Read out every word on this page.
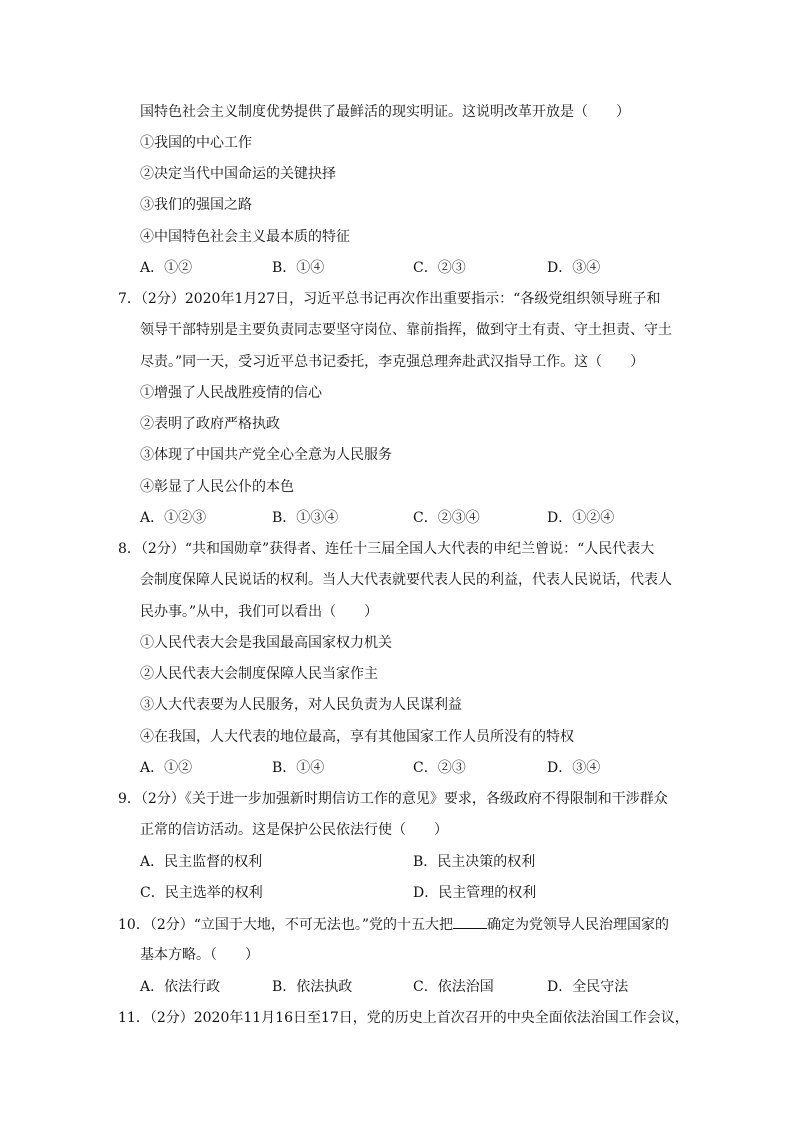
国特色社会主义制度优势提供了最鲜活的现实明证。这说明改革开放是（　　）
①我国的中心工作
②决定当代中国命运的关键抉择
③我们的强国之路
④中国特色社会主义最本质的特征
A．①②	B．①④	C．②③	D．③④
7．（2分）2020年1月27日，习近平总书记再次作出重要指示：“各级党组织领导班子和
领导干部特别是主要负责同志要坚守岗位、靠前指挥，做到守土有责、守土担责、守土
尽责。”同一天，受习近平总书记委托，李克强总理奔赴武汉指导工作。这（　　）
①增强了人民战胜疫情的信心
②表明了政府严格执政
③体现了中国共产党全心全意为人民服务
④彰显了人民公仆的本色
A．①②③	B．①③④	C．②③④	D．①②④
8．（2分）“共和国勋章”获得者、连任十三届全国人大代表的申纪兰曾说：“人民代表大
会制度保障人民说话的权利。当人大代表就要代表人民的利益，代表人民说话，代表人
民办事。”从中，我们可以看出（　　）
①人民代表大会是我国最高国家权力机关
②人民代表大会制度保障人民当家作主
③人大代表要为人民服务，对人民负责为人民谋利益
④在我国，人大代表的地位最高，享有其他国家工作人员所没有的特权
A．①②	B．①④	C．②③	D．③④
9．（2分）《关于进一步加强新时期信访工作的意见》要求，各级政府不得限制和干涉群众
正常的信访活动。这是保护公民依法行使（　　）
A．民主监督的权利	B．民主决策的权利
C．民主选举的权利	D．民主管理的权利
10．（2分）“立国于大地，不可无法也。”党的十五大把 确定为党领导人民治理国家的
基本方略。（　　）
A．依法行政	B．依法执政	C．依法治国	D．全民守法
11．（2分）2020年11月16日至17日，党的历史上首次召开的中央全面依法治国工作会议，
